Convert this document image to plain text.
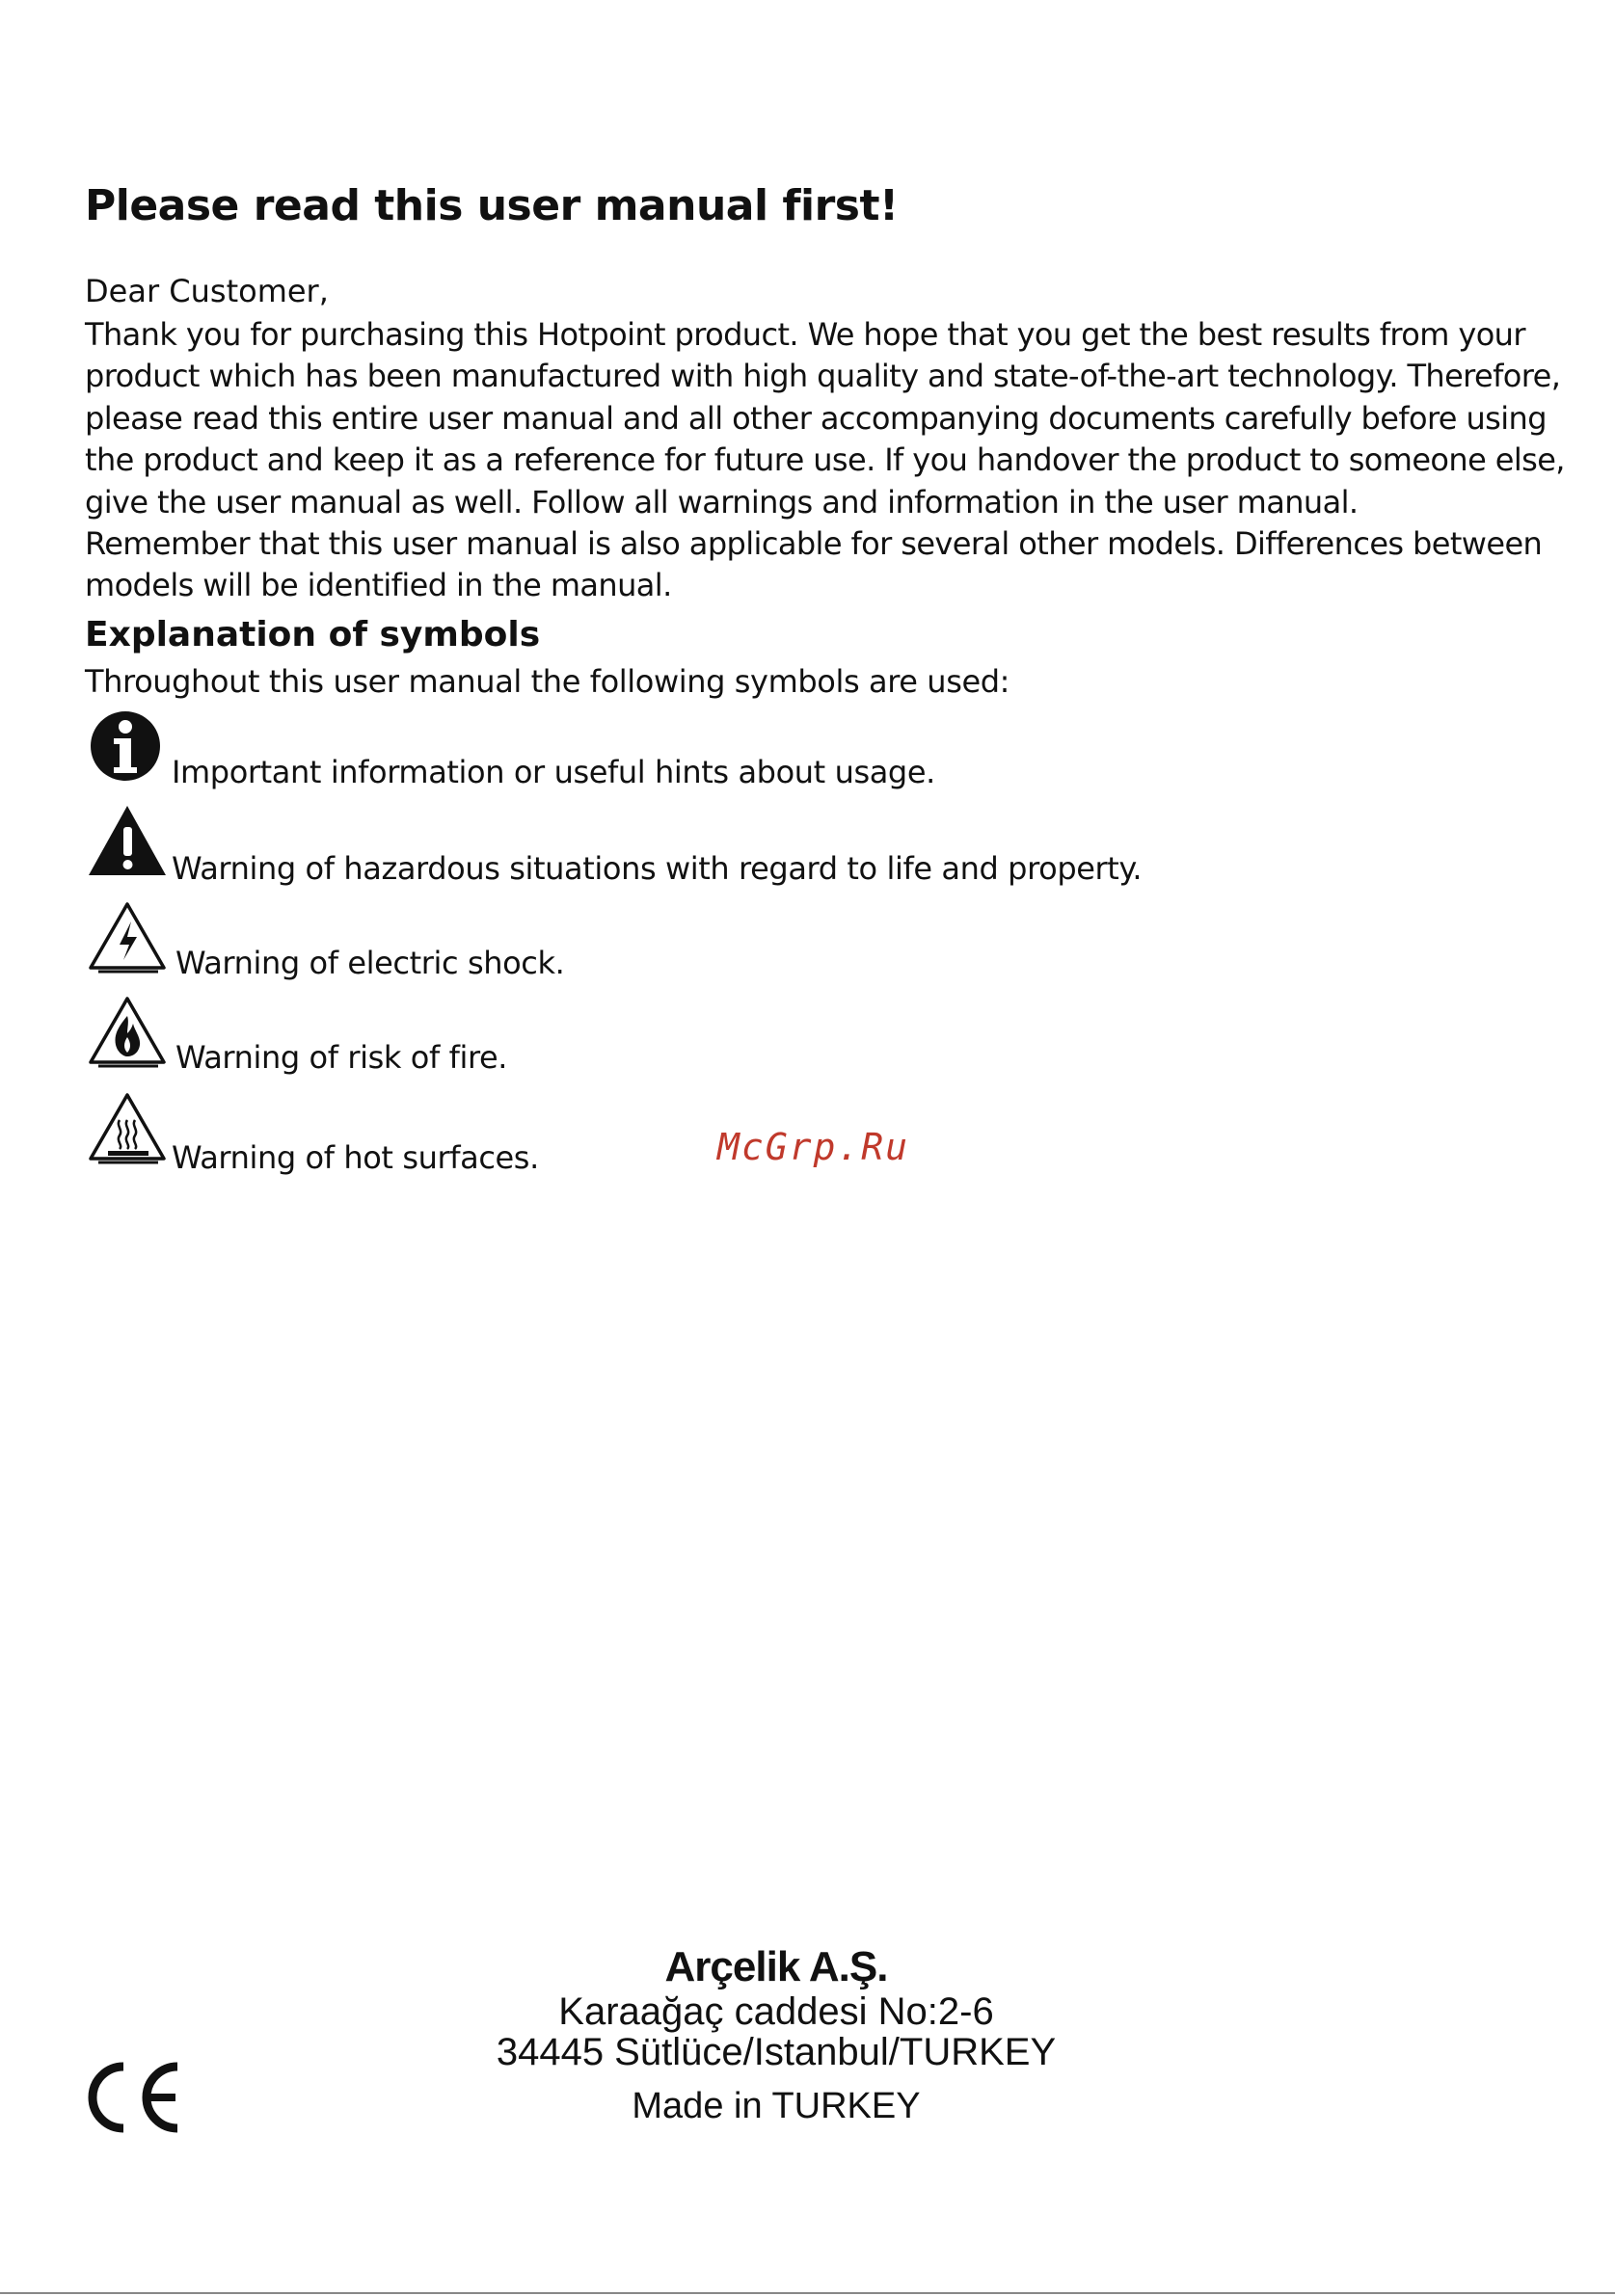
Please read this user manual first!
Dear Customer,
Thank you for purchasing this Hotpoint product. We hope that you get the best results from your
product which has been manufactured with high quality and state-of-the-art technology. Therefore,
please read this entire user manual and all other accompanying documents carefully before using
the product and keep it as a reference for future use. If you handover the product to someone else,
give the user manual as well. Follow all warnings and information in the user manual.
Remember that this user manual is also applicable for several other models. Differences between
models will be identified in the manual.
Explanation of symbols
Throughout this user manual the following symbols are used:
Important information or useful hints about usage.
Warning of hazardous situations with regard to life and property.
Warning of electric shock.
Warning of risk of fire.
Warning of hot surfaces.	McGrp.Ru
Arçelik A.Ş.
Karaağaç caddesi No:2-6
34445 Sütlüce/Istanbul/TURKEY
Made in TURKEY
